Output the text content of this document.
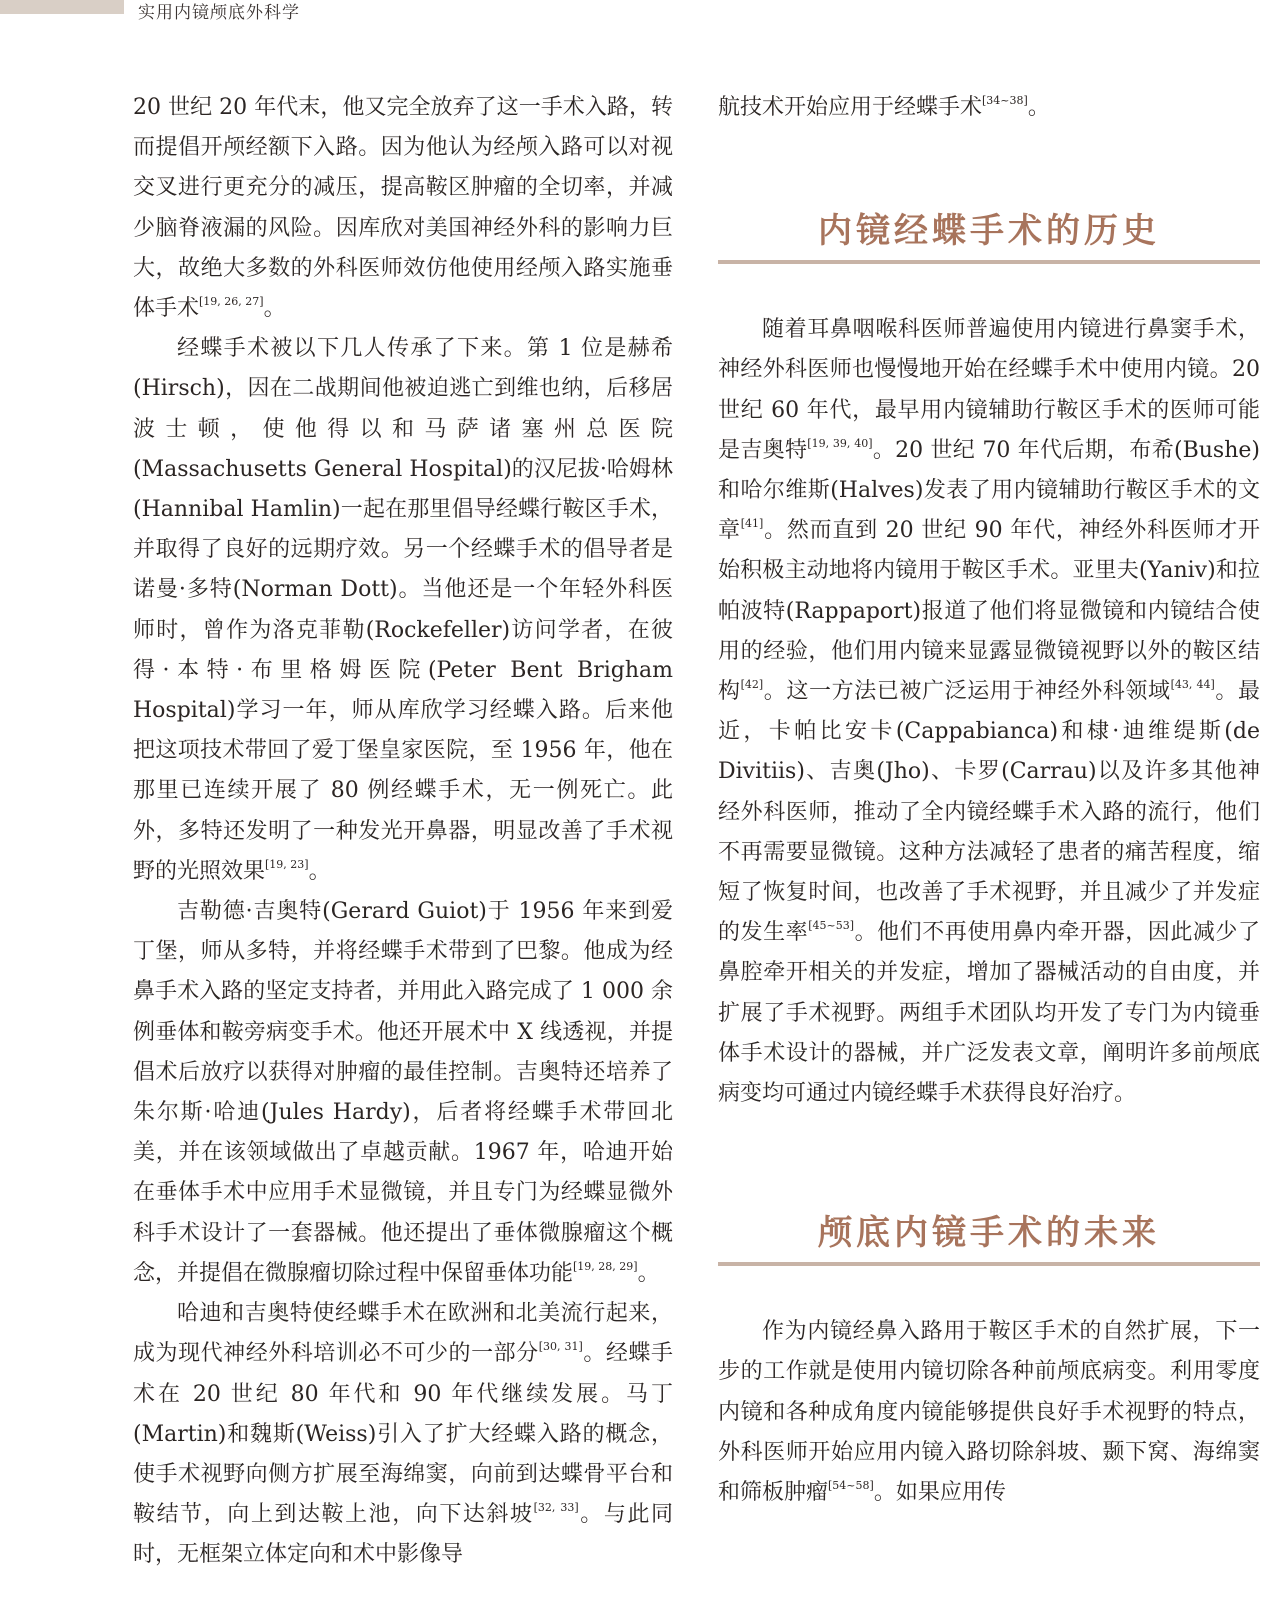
实用内镜颅底外科学

20 世纪 20 年代末，他又完全放弃了这一手术入路，转而提倡开颅经额下入路。因为他认为经颅入路可以对视交叉进行更充分的减压，提高鞍区肿瘤的全切率，并减少脑脊液漏的风险。因库欣对美国神经外科的影响力巨大，故绝大多数的外科医师效仿他使用经颅入路实施垂体手术[19, 26, 27]。

经蝶手术被以下几人传承了下来。第 1 位是赫希(Hirsch)，因在二战期间他被迫逃亡到维也纳，后移居波士顿，使他得以和马萨诸塞州总医院(Massachusetts General Hospital)的汉尼拔·哈姆林(Hannibal Hamlin)一起在那里倡导经蝶行鞍区手术，并取得了良好的远期疗效。另一个经蝶手术的倡导者是诺曼·多特(Norman Dott)。当他还是一个年轻外科医师时，曾作为洛克菲勒(Rockefeller)访问学者，在彼得·本特·布里格姆医院(Peter Bent Brigham Hospital)学习一年，师从库欣学习经蝶入路。后来他把这项技术带回了爱丁堡皇家医院，至 1956 年，他在那里已连续开展了 80 例经蝶手术，无一例死亡。此外，多特还发明了一种发光开鼻器，明显改善了手术视野的光照效果[19, 23]。

吉勒德·吉奥特(Gerard Guiot)于 1956 年来到爱丁堡，师从多特，并将经蝶手术带到了巴黎。他成为经鼻手术入路的坚定支持者，并用此入路完成了 1 000 余例垂体和鞍旁病变手术。他还开展术中 X 线透视，并提倡术后放疗以获得对肿瘤的最佳控制。吉奥特还培养了朱尔斯·哈迪(Jules Hardy)，后者将经蝶手术带回北美，并在该领域做出了卓越贡献。1967 年，哈迪开始在垂体手术中应用手术显微镜，并且专门为经蝶显微外科手术设计了一套器械。他还提出了垂体微腺瘤这个概念，并提倡在微腺瘤切除过程中保留垂体功能[19, 28, 29]。

哈迪和吉奥特使经蝶手术在欧洲和北美流行起来，成为现代神经外科培训必不可少的一部分[30, 31]。经蝶手术在 20 世纪 80 年代和 90 年代继续发展。马丁(Martin)和魏斯(Weiss)引入了扩大经蝶入路的概念，使手术视野向侧方扩展至海绵窦，向前到达蝶骨平台和鞍结节，向上到达鞍上池，向下达斜坡[32, 33]。与此同时，无框架立体定向和术中影像导

航技术开始应用于经蝶手术[34~38]。

内镜经蝶手术的历史

随着耳鼻咽喉科医师普遍使用内镜进行鼻窦手术，神经外科医师也慢慢地开始在经蝶手术中使用内镜。20 世纪 60 年代，最早用内镜辅助行鞍区手术的医师可能是吉奥特[19, 39, 40]。20 世纪 70 年代后期，布希(Bushe)和哈尔维斯(Halves)发表了用内镜辅助行鞍区手术的文章[41]。然而直到 20 世纪 90 年代，神经外科医师才开始积极主动地将内镜用于鞍区手术。亚里夫(Yaniv)和拉帕波特(Rappaport)报道了他们将显微镜和内镜结合使用的经验，他们用内镜来显露显微镜视野以外的鞍区结构[42]。这一方法已被广泛运用于神经外科领域[43, 44]。最近，卡帕比安卡(Cappabianca)和棣·迪维缇斯(de Divitiis)、吉奥(Jho)、卡罗(Carrau)以及许多其他神经外科医师，推动了全内镜经蝶手术入路的流行，他们不再需要显微镜。这种方法减轻了患者的痛苦程度，缩短了恢复时间，也改善了手术视野，并且减少了并发症的发生率[45~53]。他们不再使用鼻内牵开器，因此减少了鼻腔牵开相关的并发症，增加了器械活动的自由度，并扩展了手术视野。两组手术团队均开发了专门为内镜垂体手术设计的器械，并广泛发表文章，阐明许多前颅底病变均可通过内镜经蝶手术获得良好治疗。

颅底内镜手术的未来

作为内镜经鼻入路用于鞍区手术的自然扩展，下一步的工作就是使用内镜切除各种前颅底病变。利用零度内镜和各种成角度内镜能够提供良好手术视野的特点，外科医师开始应用内镜入路切除斜坡、颞下窝、海绵窦和筛板肿瘤[54~58]。如果应用传
